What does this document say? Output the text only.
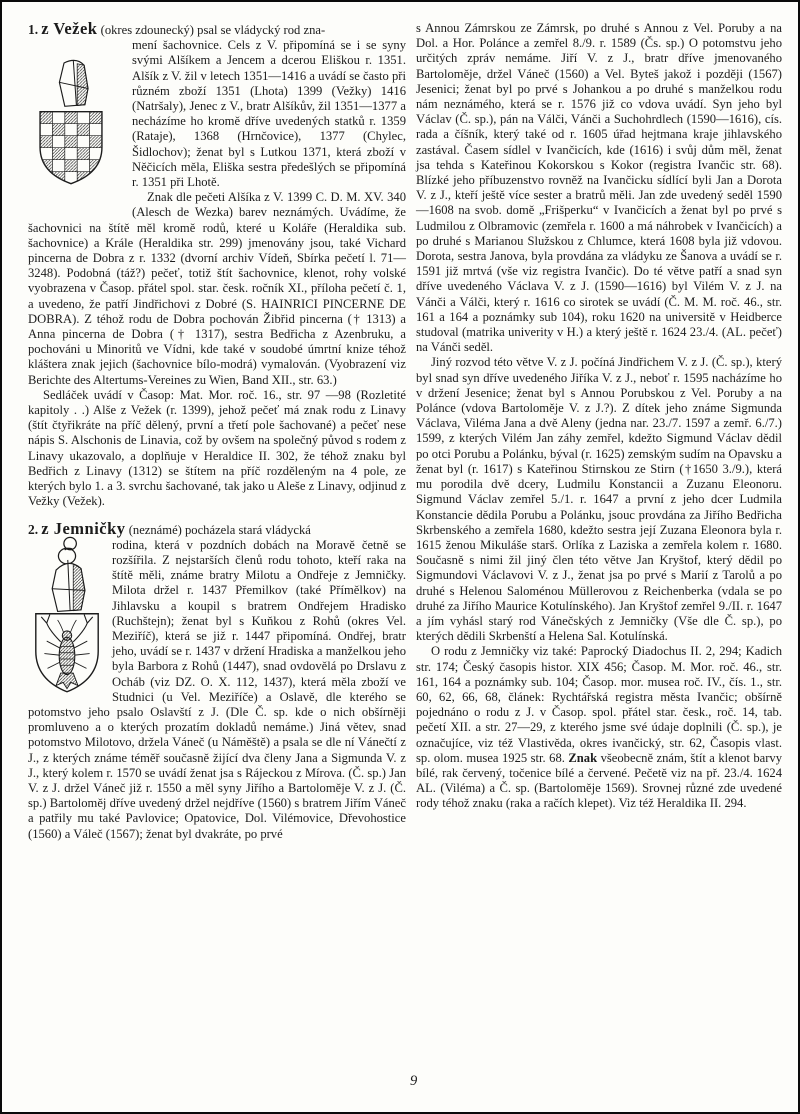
1. z Vežek (okres zdounecký) psal se vládycký rod zna-

mení šachovnice. Cels z V. připomíná se i se syny svými Alšíkem a Jencem a dcerou Eliškou r. 1351. Alšík z V. žil v letech 1351—1416 a uvádí se často při různém zboží 1351 (Lhota) 1399 (Vežky) 1416 (Natršaly), Jenec z V., bratr Alšíkův, žil 1351—1377 a necházíme ho kromě dříve uvedených statků r. 1359 (Rataje), 1368 (Hrnčovice), 1377 (Chylec, Šidlochov); ženat byl s Lutkou 1371, která zboží v Něčicích měla, Eliška sestra předešlých se připomíná r. 1351 při Lhotě.

Znak dle pečeti Alšíka z V. 1399 C. D. M. XV. 340 (Alesch de Wezka) barev neznámých. Uvádíme, že šachovnici na štítě měl kromě rodů, které u Koláře (Heraldika sub. šachovnice) a Krále (Heraldika str. 299) jmenovány jsou, také Vichard pincerna de Dobra z r. 1332 (dvorní archiv Vídeň, Sbírka pečetí l. 71—3248). Podobná (táž?) pečeť, totiž štít šachovnice, klenot, rohy volské vyobrazena v Časop. přátel spol. star. česk. ročník XI., příloha pečetí č. 1, a uvedeno, že patří Jindřichovi z Dobré (S. HAINRICI PINCERNE DE DOBRA). Z téhož rodu de Dobra pochován Žibřid pincerna († 1313) a Anna pincerna de Dobra († 1317), sestra Bedřicha z Azenbruku, a pochováni u Minoritů ve Vídni, kde také v soudobé úmrtní knize téhož kláštera znak jejich (šachovnice bílo-modrá) vymalován. (Vyobrazení viz Berichte des Altertums-Vereines zu Wien, Band XII., str. 63.)

Sedláček uvádí v Časop: Mat. Mor. roč. 16., str. 97 —98 (Rozletité kapitoly . .) Alše z Vežek (r. 1399), jehož pečeť má znak rodu z Linavy (štít čtyřikráte na příč dělený, první a třetí pole šachované) a pečeť nese nápis S. Alschonis de Linavia, což by ovšem na společný původ s rodem z Linavy ukazovalo, a doplňuje v Heraldice II. 302, že téhož znaku byl Bedřich z Linavy (1312) se štítem na příč rozděleným na 4 pole, ze kterých bylo 1. a 3. svrchu šachované, tak jako u Aleše z Linavy, odjinud z Vežky (Vežek).

2. z Jemničky (neznámé) pocházela stará vládycká

rodina, která v pozdních dobách na Moravě četně se rozšířila. Z nejstarších členů rodu tohoto, kteří raka na štítě měli, známe bratry Milotu a Ondřeje z Jemničky. Milota držel r. 1437 Přemilkov (také Přímělkov) na Jihlavsku a koupil s bratrem Ondřejem Hradisko (Ruchštejn); ženat byl s Kuňkou z Rohů (okres Vel. Meziříč), která se již r. 1447 připomíná. Ondřej, bratr jeho, uvádí se r. 1437 v držení Hradiska a manželkou jeho byla Barbora z Rohů (1447), snad ovdovělá po Drslavu z Ocháb (viz DZ. O. X. 112, 1437), která měla zboží ve Studnici (u Vel. Meziříče) a Oslavě, dle kterého se potomstvo jeho psalo Oslavští z J. (Dle Č. sp. kde o nich obšírněji promluveno a o kterých prozatím dokladů nemáme.) Jiná větev, snad potomstvo Milotovo, držela Váneč (u Náměště) a psala se dle ní Vánečtí z J., z kterých známe téměř současně žijící dva členy Jana a Sigmunda V. z J., který kolem r. 1570 se uvádí ženat jsa s Rájeckou z Mírova. (Č. sp.) Jan V. z J. držel Váneč již r. 1550 a měl syny Jiřího a Bartoloměje V. z J. (Č. sp.) Bartoloměj dříve uvedený držel nejdříve (1560) s bratrem Jiřím Váneč a patřily mu také Pavlovice; Opatovice, Dol. Vilémovice, Dřevohostice (1560) a Váleč (1567); ženat byl dvakráte, po prvé

s Annou Zámrskou ze Zámrsk, po druhé s Annou z Vel. Poruby a na Dol. a Hor. Polánce a zemřel 8./9. r. 1589 (Čs. sp.) O potomstvu jeho určitých zpráv nemáme. Jiří V. z J., bratr dříve jmenovaného Bartoloměje, držel Váneč (1560) a Vel. Byteš jakož i později (1567) Jesenici; ženat byl po prvé s Johankou a po druhé s manželkou rodu nám neznámého, která se r. 1576 již co vdova uvádí. Syn jeho byl Václav (Č. sp.), pán na Válči, Vánči a Suchohrdlech (1590—1616), cís. rada a číšník, který také od r. 1605 úřad hejtmana kraje jihlavského zastával. Časem sídlel v Ivančicích, kde (1616) i svůj dům měl, ženat jsa tehda s Kateřinou Kokorskou s Kokor (registra Ivančic str. 68). Blízké jeho příbuzenstvo rovněž na Ivančicku sídlící byli Jan a Dorota V. z J., kteří ještě více sester a bratrů měli. Jan zde uvedený seděl 1590—1608 na svob. domě „Frišperku“ v Ivančicích a ženat byl po prvé s Ludmilou z Olbramovic (zemřela r. 1600 a má náhrobek v Ivančicích) a po druhé s Marianou Služskou z Chlumce, která 1608 byla již vdovou. Dorota, sestra Janova, byla provdána za vládyku ze Šanova a uvádí se r. 1591 již mrtvá (vše viz registra Ivančic). Do té větve patří a snad syn dříve uvedeného Václava V. z J. (1590—1616) byl Vilém V. z J. na Vánči a Válči, který r. 1616 co sirotek se uvádí (Č. M. M. roč. 46., str. 161 a 164 a poznámky sub 104), roku 1620 na universitě v Heidberce studoval (matrika univerity v H.) a který ještě r. 1624 23./4. (AL. pečeť) na Vánči seděl.

Jiný rozvod této větve V. z J. počíná Jindřichem V. z J. (Č. sp.), který byl snad syn dříve uvedeného Jiříka V. z J., neboť r. 1595 nacházíme ho v držení Jesenice; ženat byl s Annou Porubskou z Vel. Poruby a na Polánce (vdova Bartoloměje V. z J.?). Z dítek jeho známe Sigmunda Václava, Viléma Jana a dvě Aleny (jedna nar. 23./7. 1597 a zemř. 6./7.) 1599, z kterých Vilém Jan záhy zemřel, kdežto Sigmund Václav dědil po otci Porubu a Polánku, býval (r. 1625) zemským sudím na Opavsku a ženat byl (r. 1617) s Kateřinou Stirnskou ze Stirn (†1650 3./9.), která mu porodila dvě dcery, Ludmilu Konstancii a Zuzanu Eleonoru. Sigmund Václav zemřel 5./1. r. 1647 a první z jeho dcer Ludmila Konstancie dědila Porubu a Polánku, jsouc provdána za Jiřího Bedřicha Skrbenského a zemřela 1680, kdežto sestra její Zuzana Eleonora byla r. 1615 ženou Mikuláše starš. Orlíka z Laziska a zemřela kolem r. 1680. Současně s nimi žil jiný člen této větve Jan Kryštof, který dědil po Sigmundovi Václavovi V. z J., ženat jsa po prvé s Marií z Tarolů a po druhé s Helenou Saloménou Müllerovou z Reichenberka (vdala se po druhé za Jiřího Maurice Kotulínského). Jan Kryštof zemřel 9./II. r. 1647 a jím vyhásl starý rod Vánečských z Jemničky (Vše dle Č. sp.), po kterých dědili Skrbenští a Helena Sal. Kotulínská.

O rodu z Jemničky viz také: Paprocký Diadochus II. 2, 294; Kadich str. 174; Český časopis histor. XIX 456; Časop. M. Mor. roč. 46., str. 161, 164 a poznámky sub. 104; Časop. mor. musea roč. IV., čís. 1., str. 60, 62, 66, 68, článek: Rychtářská registra města Ivančic; obšírně pojednáno o rodu z J. v Časop. spol. přátel star. česk., roč. 14, tab. pečetí XII. a str. 27—29, z kterého jsme své údaje doplnili (Č. sp.), je označujíce, viz též Vlastivěda, okres ivančický, str. 62, Časopis vlast. sp. olom. musea 1925 str. 68. Znak všeobecně znám, štít a klenot barvy bílé, rak červený, točenice bílé a červené. Pečetě viz na př. 23./4. 1624 AL. (Viléma) a Č. sp. (Bartoloměje 1569). Srovnej různé zde uvedené rody téhož znaku (raka a račích klepet). Viz též Heraldika II. 294.

9
